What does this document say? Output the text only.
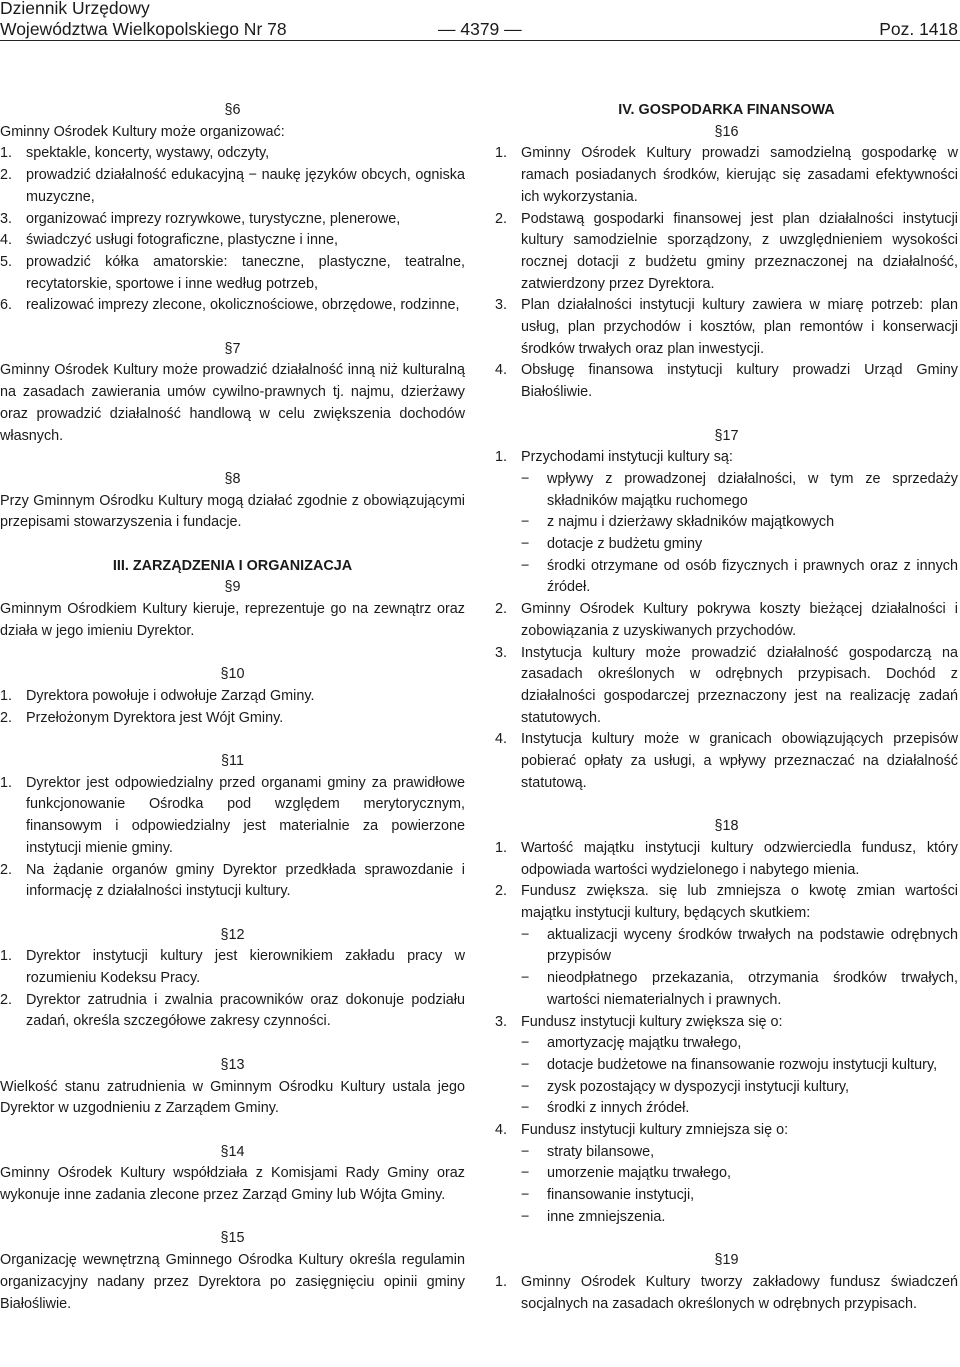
Dziennik Urzędowy
Województwa Wielkopolskiego Nr 78	— 4379 —	Poz. 1418
§6
Gminny Ośrodek Kultury może organizować:
1. spektakle, koncerty, wystawy, odczyty,
2. prowadzić działalność edukacyjną − naukę języków obcych, ogniska muzyczne,
3. organizować imprezy rozrywkowe, turystyczne, plenerowe,
4. świadczyć usługi fotograficzne, plastyczne i inne,
5. prowadzić kółka amatorskie: taneczne, plastyczne, teatralne, recytatorskie, sportowe i inne według potrzeb,
6. realizować imprezy zlecone, okolicznościowe, obrzędowe, rodzinne,
§7
Gminny Ośrodek Kultury może prowadzić działalność inną niż kulturalną na zasadach zawierania umów cywilno-prawnych tj. najmu, dzierżawy oraz prowadzić działalność handlową w celu zwiększenia dochodów własnych.
§8
Przy Gminnym Ośrodku Kultury mogą działać zgodnie z obowiązującymi przepisami stowarzyszenia i fundacje.
III. ZARZĄDZENIA I ORGANIZACJA
§9
Gminnym Ośrodkiem Kultury kieruje, reprezentuje go na zewnątrz oraz działa w jego imieniu Dyrektor.
§10
1. Dyrektora powołuje i odwołuje Zarząd Gminy.
2. Przełożonym Dyrektora jest Wójt Gminy.
§11
1. Dyrektor jest odpowiedzialny przed organami gminy za prawidłowe funkcjonowanie Ośrodka pod względem merytorycznym, finansowym i odpowiedzialny jest materialnie za powierzone instytucji mienie gminy.
2. Na żądanie organów gminy Dyrektor przedkłada sprawozdanie i informację z działalności instytucji kultury.
§12
1. Dyrektor instytucji kultury jest kierownikiem zakładu pracy w rozumieniu Kodeksu Pracy.
2. Dyrektor zatrudnia i zwalnia pracowników oraz dokonuje podziału zadań, określa szczegółowe zakresy czynności.
§13
Wielkość stanu zatrudnienia w Gminnym Ośrodku Kultury ustala jego Dyrektor w uzgodnieniu z Zarządem Gminy.
§14
Gminny Ośrodek Kultury współdziała z Komisjami Rady Gminy oraz wykonuje inne zadania zlecone przez Zarząd Gminy lub Wójta Gminy.
§15
Organizację wewnętrzną Gminnego Ośrodka Kultury określa regulamin organizacyjny nadany przez Dyrektora po zasięgnięciu opinii gminy Białośliwie.
IV. GOSPODARKA FINANSOWA
§16
1. Gminny Ośrodek Kultury prowadzi samodzielną gospodarkę w ramach posiadanych środków, kierując się zasadami efektywności ich wykorzystania.
2. Podstawą gospodarki finansowej jest plan działalności instytucji kultury samodzielnie sporządzony, z uwzględnieniem wysokości rocznej dotacji z budżetu gminy przeznaczonej na działalność, zatwierdzony przez Dyrektora.
3. Plan działalności instytucji kultury zawiera w miarę potrzeb: plan usług, plan przychodów i kosztów, plan remontów i konserwacji środków trwałych oraz plan inwestycji.
4. Obsługę finansowa instytucji kultury prowadzi Urząd Gminy Białośliwie.
§17
1. Przychodami instytucji kultury są:
−	wpływy z prowadzonej działalności, w tym ze sprzedaży składników majątku ruchomego
−	z najmu i dzierżawy składników majątkowych
−	dotacje z budżetu gminy
−	środki otrzymane od osób fizycznych i prawnych oraz z innych źródeł.
2. Gminny Ośrodek Kultury pokrywa koszty bieżącej działalności i zobowiązania z uzyskiwanych przychodów.
3. Instytucja kultury może prowadzić działalność gospodarczą na zasadach określonych w odrębnych przypisach. Dochód z działalności gospodarczej przeznaczony jest na realizację zadań statutowych.
4. Instytucja kultury może w granicach obowiązujących przepisów pobierać opłaty za usługi, a wpływy przeznaczać na działalność statutową.
§18
1. Wartość majątku instytucji kultury odzwierciedla fundusz, który odpowiada wartości wydzielonego i nabytego mienia.
2. Fundusz zwiększa. się lub zmniejsza o kwotę zmian wartości majątku instytucji kultury, będących skutkiem:
−	aktualizacji wyceny środków trwałych na podstawie odrębnych przypisów
−	nieodpłatnego przekazania, otrzymania środków trwałych, wartości niematerialnych i prawnych.
3. Fundusz instytucji kultury zwiększa się o:
−	amortyzację majątku trwałego,
−	dotacje budżetowe na finansowanie rozwoju instytucji kultury,
−	zysk pozostający w dyspozycji instytucji kultury,
−	środki z innych źródeł.
4. Fundusz instytucji kultury zmniejsza się o:
−	straty bilansowe,
−	umorzenie majątku trwałego,
−	finansowanie instytucji,
−	inne zmniejszenia.
§19
1. Gminny Ośrodek Kultury tworzy zakładowy fundusz świadczeń socjalnych na zasadach określonych w odrębnych przypisach.
